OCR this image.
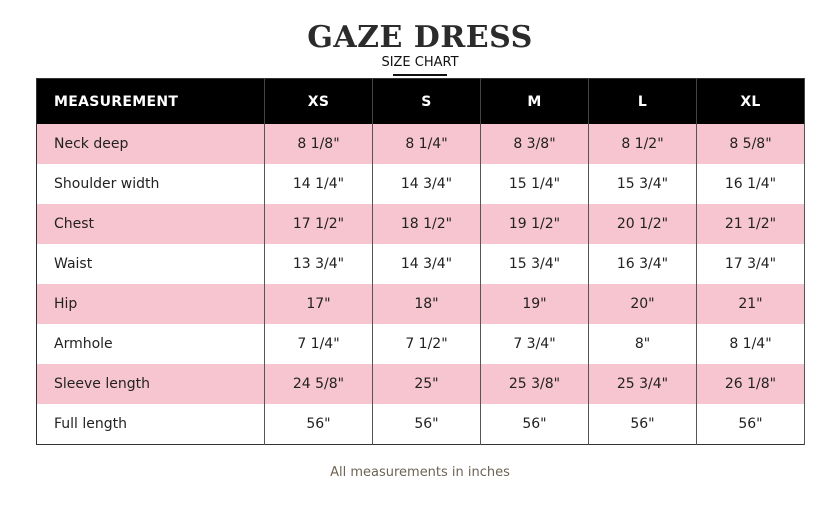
GAZE DRESS
SIZE CHART
MEASUREMENT	XS	S	M	L	XL
Neck deep	8 1/8"	8 1/4"	8 3/8"	8 1/2"	8 5/8"
Shoulder width	14 1/4"	14 3/4"	15 1/4"	15 3/4"	16 1/4"
Chest	17 1/2"	18 1/2"	19 1/2"	20 1/2"	21 1/2"
Waist	13 3/4"	14 3/4"	15 3/4"	16 3/4"	17 3/4"
Hip	17"	18"	19"	20"	21"
Armhole	7 1/4"	7 1/2"	7 3/4"	8"	8 1/4"
Sleeve length	24 5/8"	25"	25 3/8"	25 3/4"	26 1/8"
Full length	56"	56"	56"	56"	56"
All measurements in inches
